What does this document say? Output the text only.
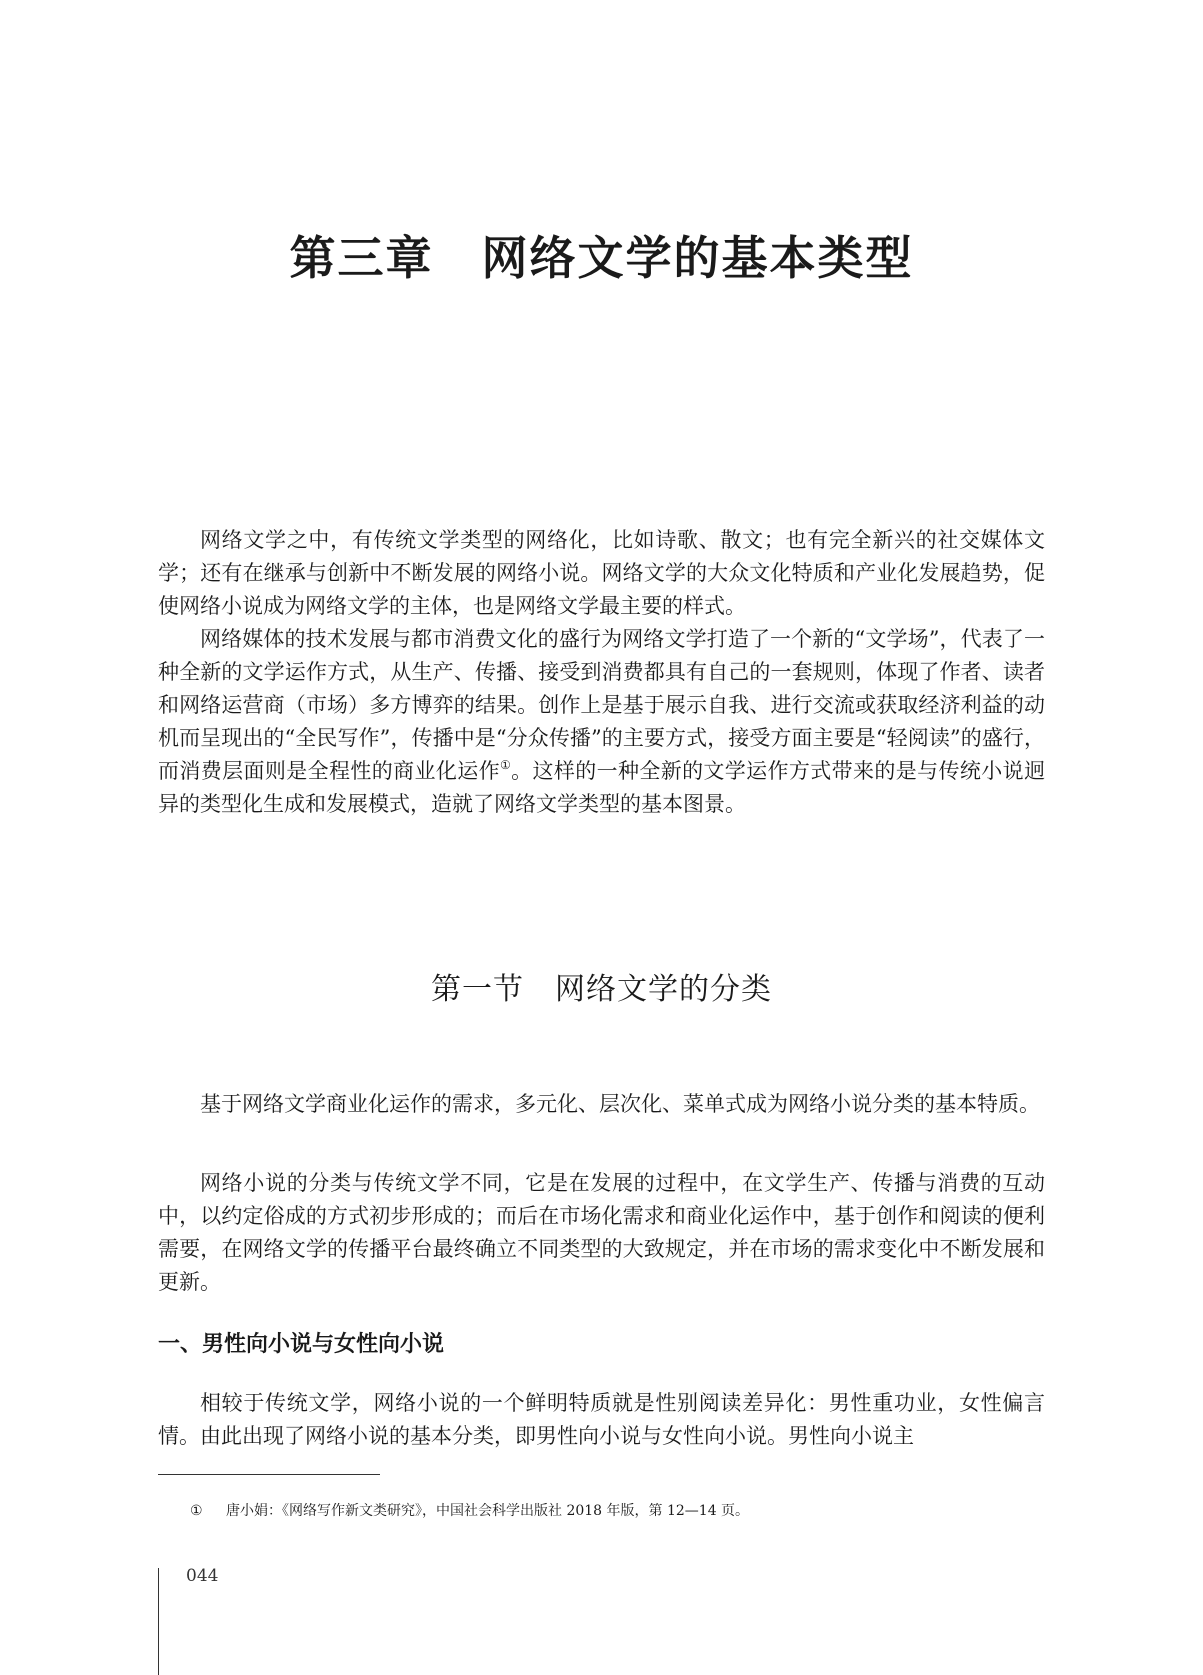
第三章　网络文学的基本类型

网络文学之中，有传统文学类型的网络化，比如诗歌、散文；也有完全新兴的社交媒体文学；还有在继承与创新中不断发展的网络小说。网络文学的大众文化特质和产业化发展趋势，促使网络小说成为网络文学的主体，也是网络文学最主要的样式。

网络媒体的技术发展与都市消费文化的盛行为网络文学打造了一个新的“文学场”，代表了一种全新的文学运作方式，从生产、传播、接受到消费都具有自己的一套规则，体现了作者、读者和网络运营商（市场）多方博弈的结果。创作上是基于展示自我、进行交流或获取经济利益的动机而呈现出的“全民写作”，传播中是“分众传播”的主要方式，接受方面主要是“轻阅读”的盛行，而消费层面则是全程性的商业化运作①。这样的一种全新的文学运作方式带来的是与传统小说迥异的类型化生成和发展模式，造就了网络文学类型的基本图景。

第一节　网络文学的分类

基于网络文学商业化运作的需求，多元化、层次化、菜单式成为网络小说分类的基本特质。

网络小说的分类与传统文学不同，它是在发展的过程中，在文学生产、传播与消费的互动中，以约定俗成的方式初步形成的；而后在市场化需求和商业化运作中，基于创作和阅读的便利需要，在网络文学的传播平台最终确立不同类型的大致规定，并在市场的需求变化中不断发展和更新。

一、男性向小说与女性向小说

相较于传统文学，网络小说的一个鲜明特质就是性别阅读差异化：男性重功业，女性偏言情。由此出现了网络小说的基本分类，即男性向小说与女性向小说。男性向小说主

① 唐小娟：《网络写作新文类研究》，中国社会科学出版社 2018 年版，第 12—14 页。
044
